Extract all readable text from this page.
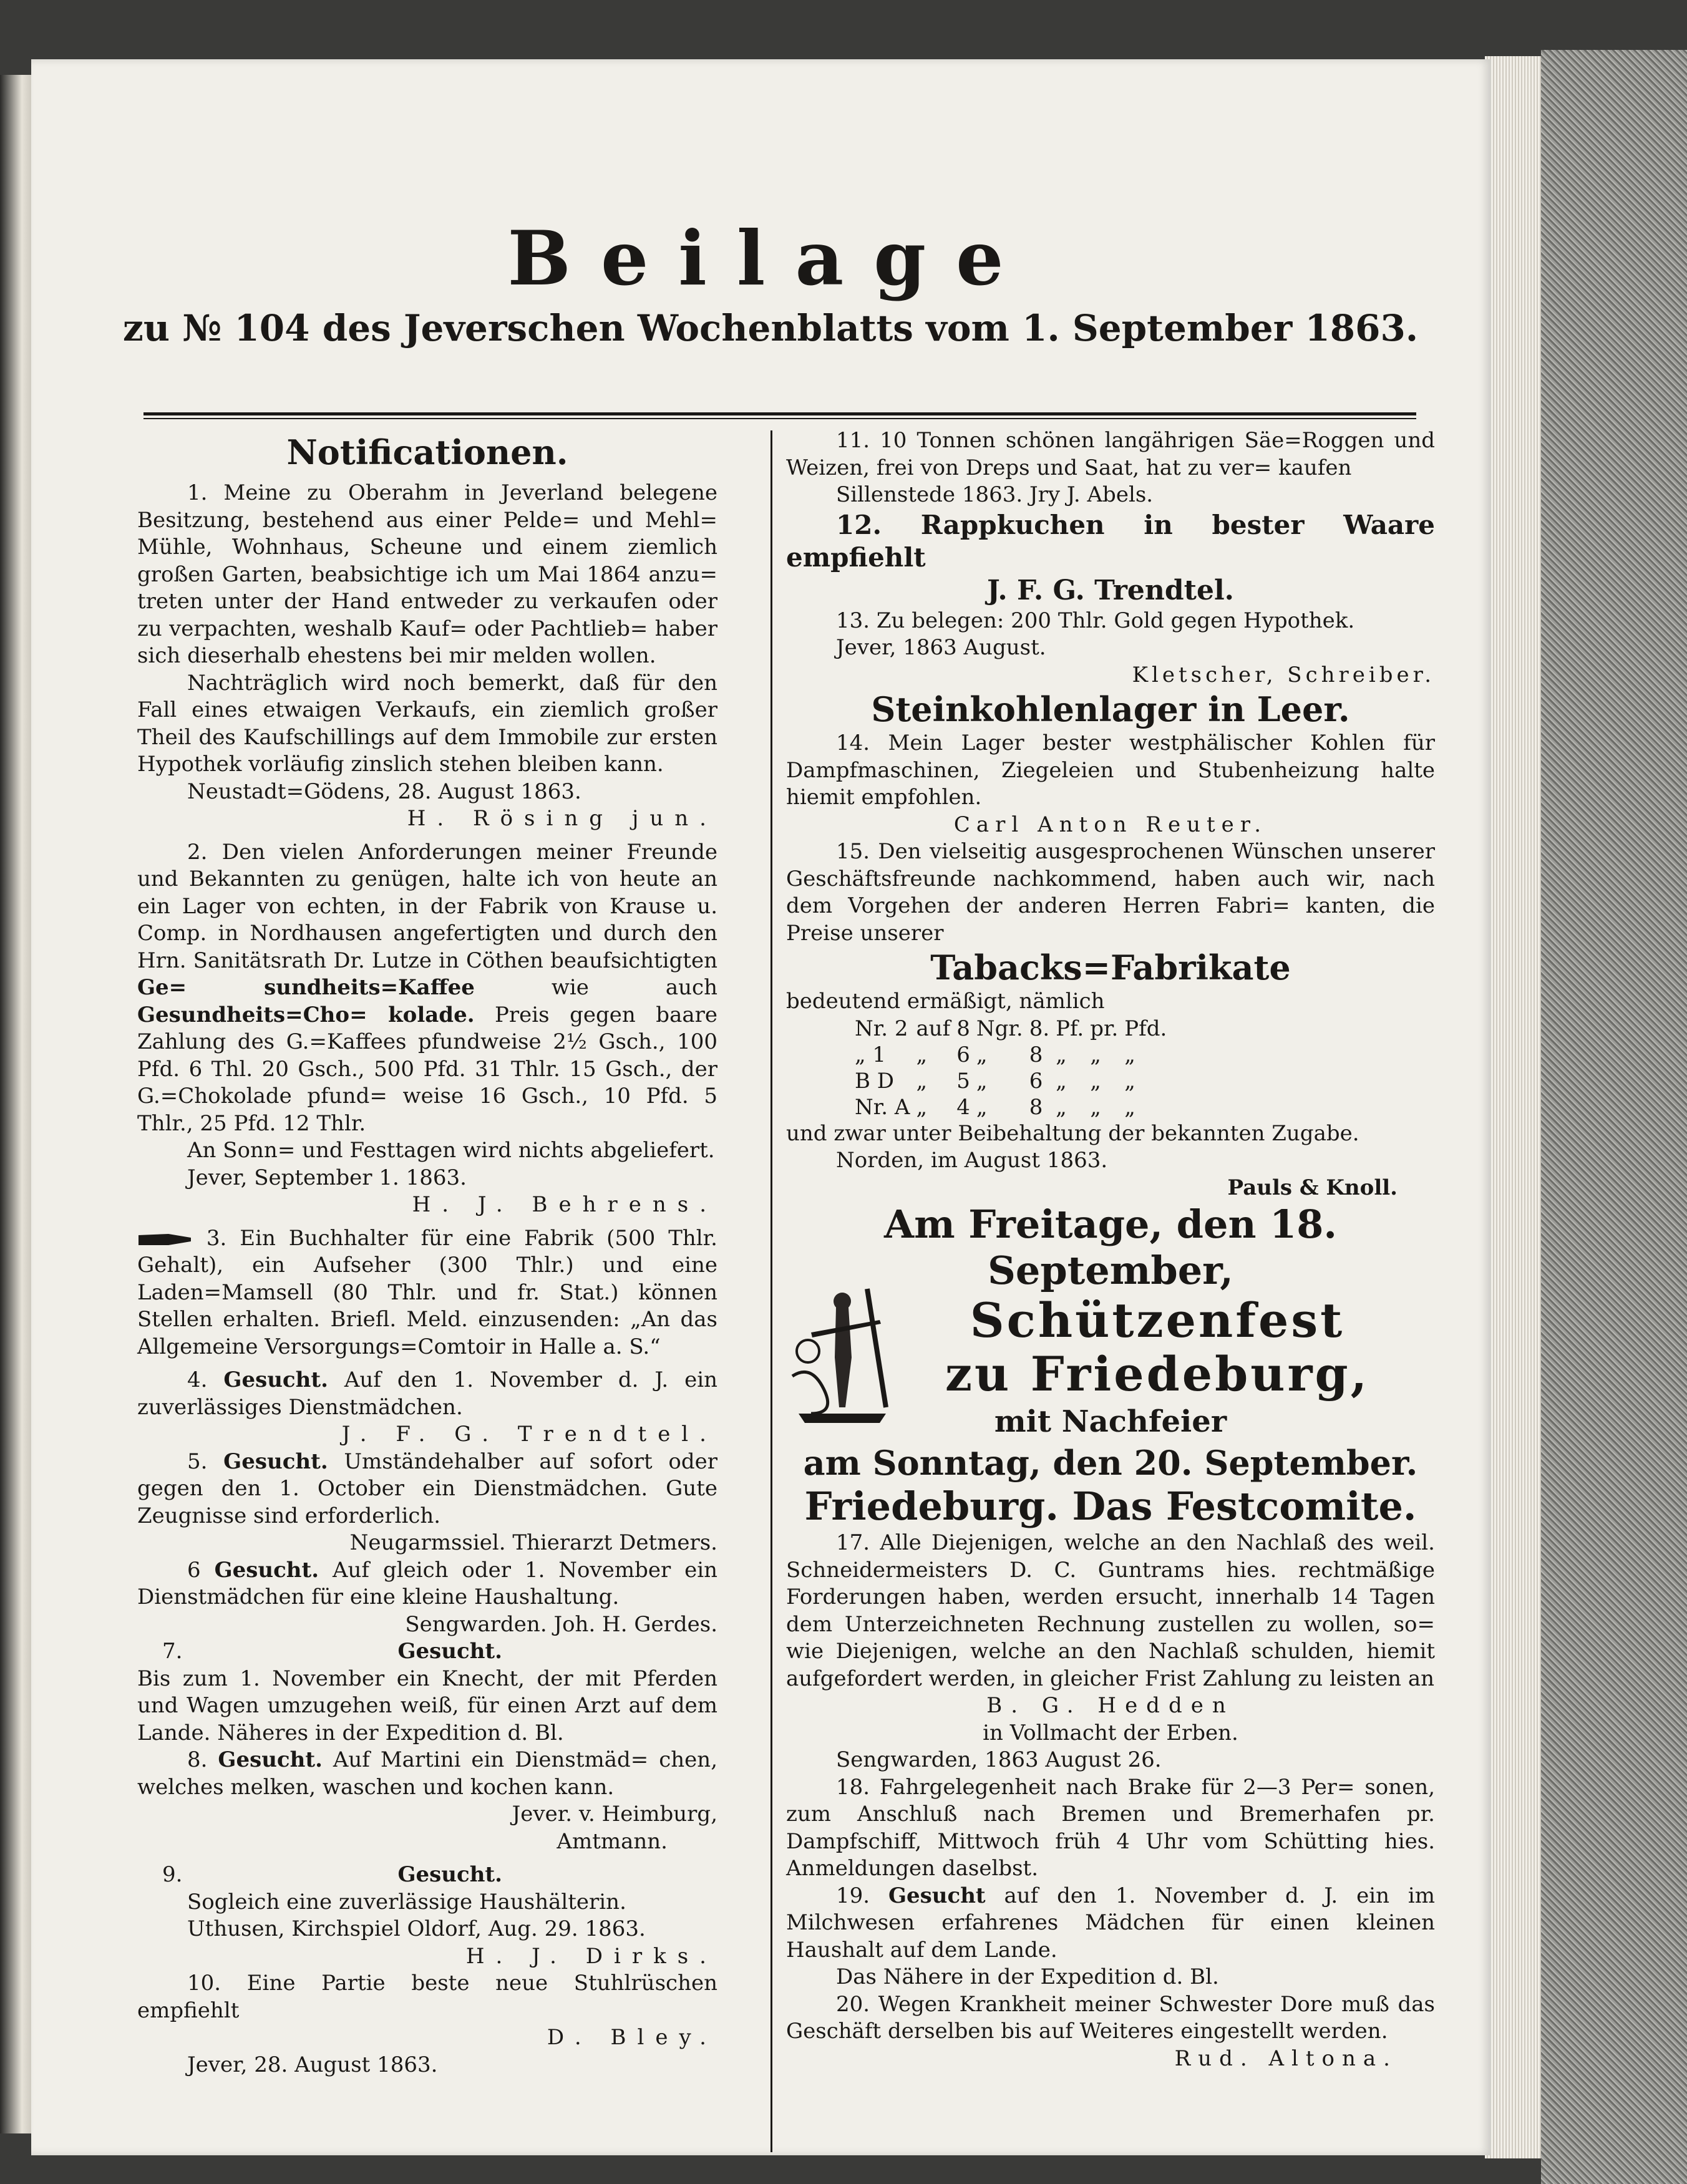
Beilage
zu № 104 des Jeverschen Wochenblatts vom 1. September 1863.
Notificationen.

1. Meine zu Oberahm in Jeverland belegene Besitzung, bestehend aus einer Pelde= und Mehl= Mühle, Wohnhaus, Scheune und einem ziemlich großen Garten, beabsichtige ich um Mai 1864 anzu= treten unter der Hand entweder zu verkaufen oder zu verpachten, weshalb Kauf= oder Pachtlieb= haber sich dieserhalb ehestens bei mir melden wollen.

Nachträglich wird noch bemerkt, daß für den Fall eines etwaigen Verkaufs, ein ziemlich großer Theil des Kaufschillings auf dem Immobile zur ersten Hypothek vorläufig zinslich stehen bleiben kann.

Neustadt=Gödens, 28. August 1863.

H. Rösing jun.

2. Den vielen Anforderungen meiner Freunde und Bekannten zu genügen, halte ich von heute an ein Lager von echten, in der Fabrik von Krause u. Comp. in Nordhausen angefertigten und durch den Hrn. Sanitätsrath Dr. Lutze in Cöthen beaufsichtigten Ge= sundheits=Kaffee	wie auch Gesundheits=Cho= kolade. Preis gegen baare Zahlung des G.=Kaffees pfundweise 2½ Gsch., 100 Pfd. 6 Thl. 20 Gsch., 500 Pfd. 31 Thlr. 15 Gsch., der G.=Chokolade pfund= weise 16 Gsch., 10 Pfd. 5 Thlr., 25 Pfd. 12 Thlr.

An Sonn= und Festtagen wird nichts abgeliefert.

Jever, September 1. 1863.

H. J. Behrens.

3. Ein Buchhalter für eine Fabrik (500 Thlr. Gehalt), ein Aufseher (300 Thlr.) und eine Laden=Mamsell (80 Thlr. und fr. Stat.) können Stellen erhalten. Briefl. Meld. einzusenden: „An das Allgemeine Versorgungs=Comtoir in Halle a. S.“

4. Gesucht. Auf den 1. November d. J. ein zuverlässiges Dienstmädchen.

J. F. G. Trendtel.

5. Gesucht. Umständehalber auf sofort oder gegen den 1. October ein Dienstmädchen. Gute Zeugnisse sind erforderlich.

Neugarmssiel. Thierarzt Detmers.

6 Gesucht. Auf gleich oder 1. November ein Dienstmädchen für eine kleine Haushaltung.

Sengwarden. Joh. H. Gerdes.

7.	Gesucht.

Bis zum 1. November ein Knecht, der mit Pferden und Wagen umzugehen weiß, für einen Arzt auf dem Lande. Näheres in der Expedition d. Bl.

8. Gesucht. Auf Martini ein Dienstmäd= chen, welches melken, waschen und kochen kann.

Jever. v. Heimburg,

Amtmann.

9.	Gesucht.

Sogleich eine zuverlässige Haushälterin.

Uthusen, Kirchspiel Oldorf, Aug. 29. 1863.

H. J. Dirks.

10. Eine Partie beste neue Stuhlrüschen empfiehlt

D. Bley.

Jever, 28. August 1863.

11. 10 Tonnen schönen langährigen Säe=Roggen und Weizen, frei von Dreps und Saat, hat zu ver= kaufen

Sillenstede 1863. Jry J. Abels.

12. Rappkuchen in bester Waare empfiehlt

J. F. G. Trendtel.

13. Zu belegen: 200 Thlr. Gold gegen Hypothek.

Jever, 1863 August.

Kletscher, Schreiber.

Steinkohlenlager in Leer.

14. Mein Lager bester westphälischer Kohlen für Dampfmaschinen, Ziegeleien und Stubenheizung halte hiemit empfohlen.

Carl Anton Reuter.

15. Den vielseitig ausgesprochenen Wünschen unserer Geschäftsfreunde nachkommend, haben auch wir, nach dem Vorgehen der anderen Herren Fabri= kanten, die Preise unserer

Tabacks=Fabrikate

bedeutend ermäßigt, nämlich

Nr. 2	auf	8	Ngr.	8.	Pf.	pr.	Pfd.
„ 1	„	6	„	8	„	„	„
B D	„	5	„	6	„	„	„
Nr. A	„	4	„	8	„	„	„

und zwar unter Beibehaltung der bekannten Zugabe.

Norden, im August 1863.

Pauls & Knoll.

Am Freitage, den 18. September,
Schützenfest
zu Friedeburg,
mit Nachfeier
am Sonntag, den 20. September.
Friedeburg. Das Festcomite.

17. Alle Diejenigen, welche an den Nachlaß des weil. Schneidermeisters D. C. Guntrams hies. rechtmäßige Forderungen haben, werden ersucht, innerhalb 14 Tagen dem Unterzeichneten Rechnung zustellen zu wollen, so= wie Diejenigen, welche an den Nachlaß schulden, hiemit aufgefordert werden, in gleicher Frist Zahlung zu leisten an

B. G. Hedden

in Vollmacht der Erben.

Sengwarden, 1863 August 26.

18. Fahrgelegenheit nach Brake für 2—3 Per= sonen, zum Anschluß nach Bremen und Bremerhafen pr. Dampfschiff, Mittwoch früh 4 Uhr vom Schütting hies. Anmeldungen daselbst.

19. Gesucht auf den 1. November d. J. ein im Milchwesen erfahrenes Mädchen für einen kleinen Haushalt auf dem Lande.

Das Nähere in der Expedition d. Bl.

20. Wegen Krankheit meiner Schwester Dore muß das Geschäft derselben bis auf Weiteres eingestellt werden.

Rud. Altona.
